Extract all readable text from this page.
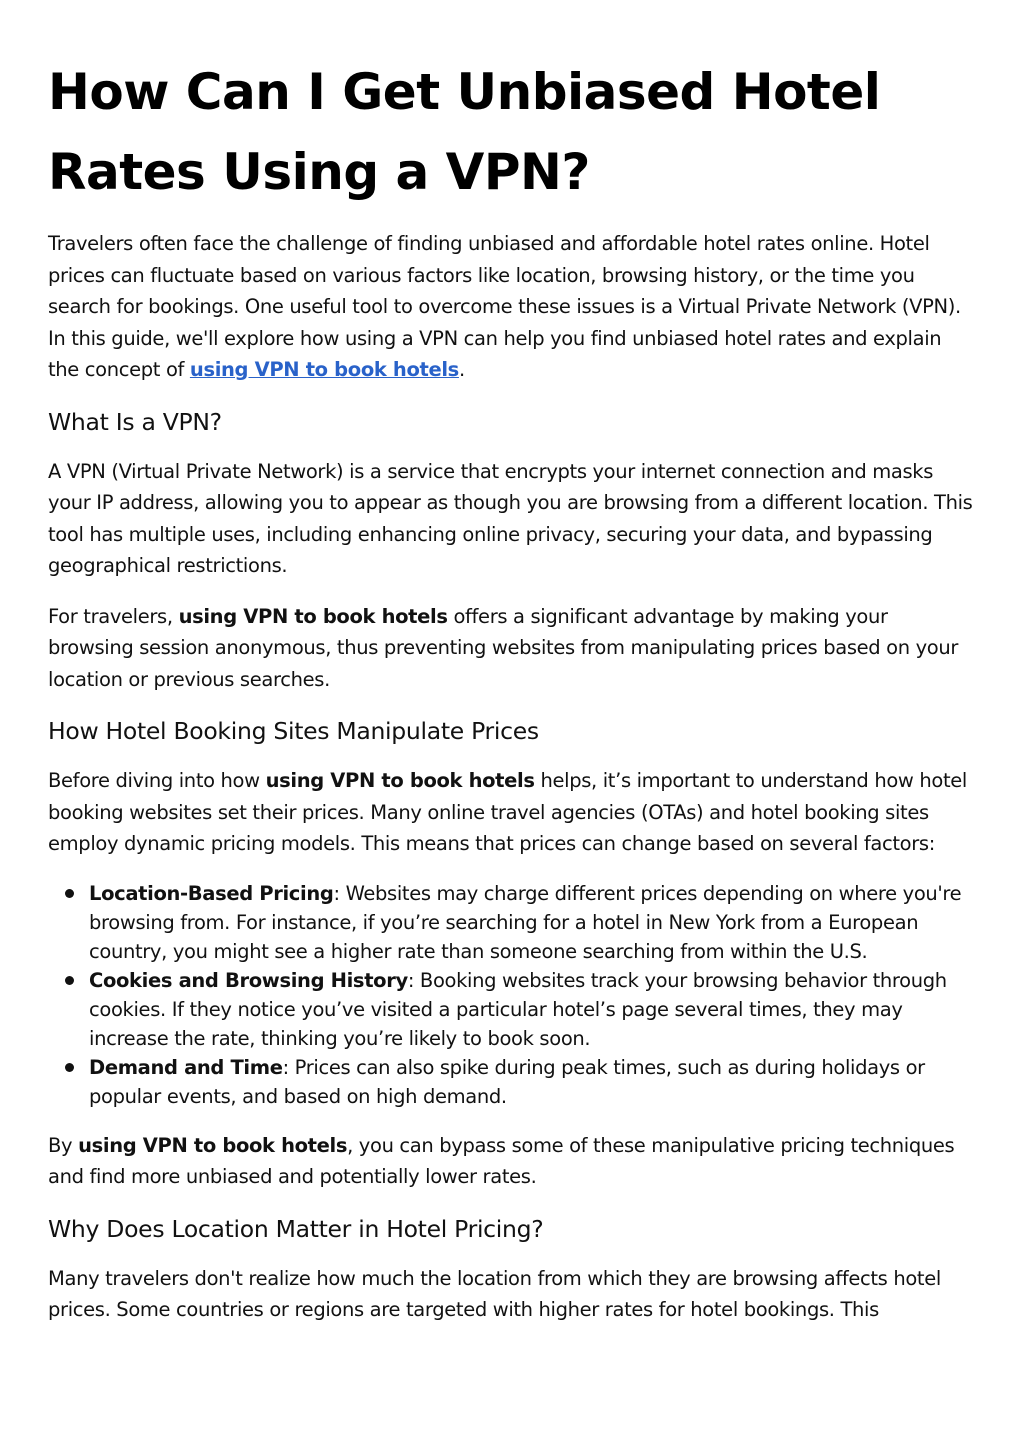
How Can I Get Unbiased Hotel Rates Using a VPN?

Travelers often face the challenge of finding unbiased and affordable hotel rates online. Hotel prices can fluctuate based on various factors like location, browsing history, or the time you search for bookings. One useful tool to overcome these issues is a Virtual Private Network (VPN). In this guide, we'll explore how using a VPN can help you find unbiased hotel rates and explain the concept of using VPN to book hotels.

What Is a VPN?

A VPN (Virtual Private Network) is a service that encrypts your internet connection and masks your IP address, allowing you to appear as though you are browsing from a different location. This tool has multiple uses, including enhancing online privacy, securing your data, and bypassing geographical restrictions.

For travelers, using VPN to book hotels offers a significant advantage by making your browsing session anonymous, thus preventing websites from manipulating prices based on your location or previous searches.

How Hotel Booking Sites Manipulate Prices

Before diving into how using VPN to book hotels helps, it’s important to understand how hotel booking websites set their prices. Many online travel agencies (OTAs) and hotel booking sites employ dynamic pricing models. This means that prices can change based on several factors:

Location-Based Pricing: Websites may charge different prices depending on where you're browsing from. For instance, if you’re searching for a hotel in New York from a European country, you might see a higher rate than someone searching from within the U.S.
Cookies and Browsing History: Booking websites track your browsing behavior through cookies. If they notice you’ve visited a particular hotel’s page several times, they may increase the rate, thinking you’re likely to book soon.
Demand and Time: Prices can also spike during peak times, such as during holidays or popular events, and based on high demand.

By using VPN to book hotels, you can bypass some of these manipulative pricing techniques and find more unbiased and potentially lower rates.

Why Does Location Matter in Hotel Pricing?

Many travelers don't realize how much the location from which they are browsing affects hotel prices. Some countries or regions are targeted with higher rates for hotel bookings. This
